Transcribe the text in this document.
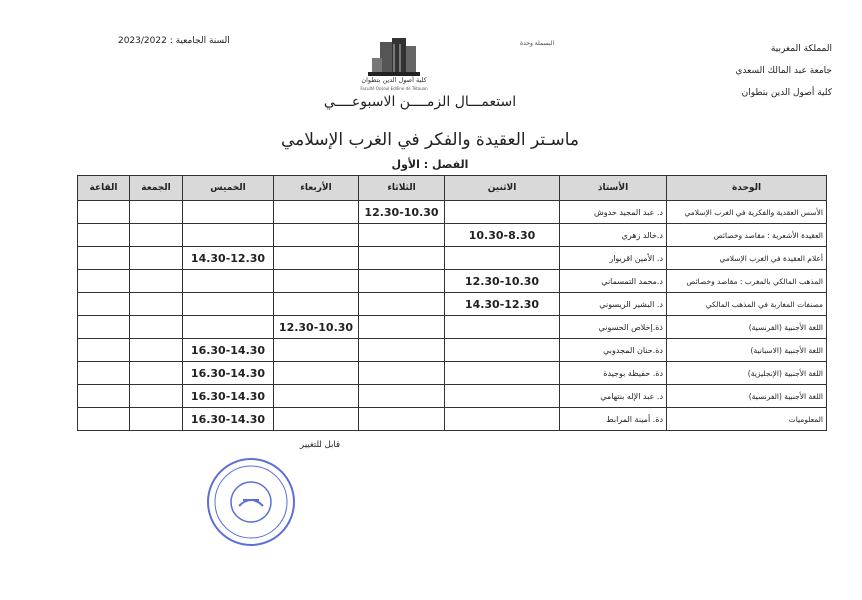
المملكة المغربية
جامعة عبد المالك السعدي
كلية أصول الدين بتطوان
السنة الجامعية : 2023/2022	البسملة وحدة
كلية أصول الدين بتطوان
Faculté Ossoul Eddine de Tétouan
استعمـــال الزمــــن الاسبوعــــي
ماسـتر العقيدة والفكر في الغرب الإسلامي
الفصل : الأول
الوحدة	الأستاذ	الاثنين	الثلاثاء	الأربعاء	الخميس	الجمعة	القاعة
الأسس العقدية والفكرية في الغرب الإسلامي	د. عبد المجيد حدوش		12.30-10.30				
العقيدة الأشعرية : مقاصد وخصائص	د.خالد زهري	10.30-8.30					
أعلام العقيدة في الغرب الإسلامي	د. الأمين اقريوار				14.30-12.30		
المذهب المالكي بالمغرب : مقاصد وخصائص	د.محمد التمسماني	12.30-10.30					
مصنفات المغاربة في المذهب المالكي	د. البشير الريسوني	14.30-12.30					
اللغة الأجنبية (الفرنسية)	ذة.إخلاص الحسوني			12.30-10.30			
اللغة الأجنبية (الاسبانية)	دة.حنان المجدوبي				16.30-14.30		
اللغة الأجنبية (الإنجليزية)	دة. حفيظة بوجيدة				16.30-14.30		
اللغة الأجنبية (الفرنسية)	د. عبد الإله بنتهامي				16.30-14.30		
المعلوميات	دة. أمينة المرابط				16.30-14.30		
قابل للتغيير
